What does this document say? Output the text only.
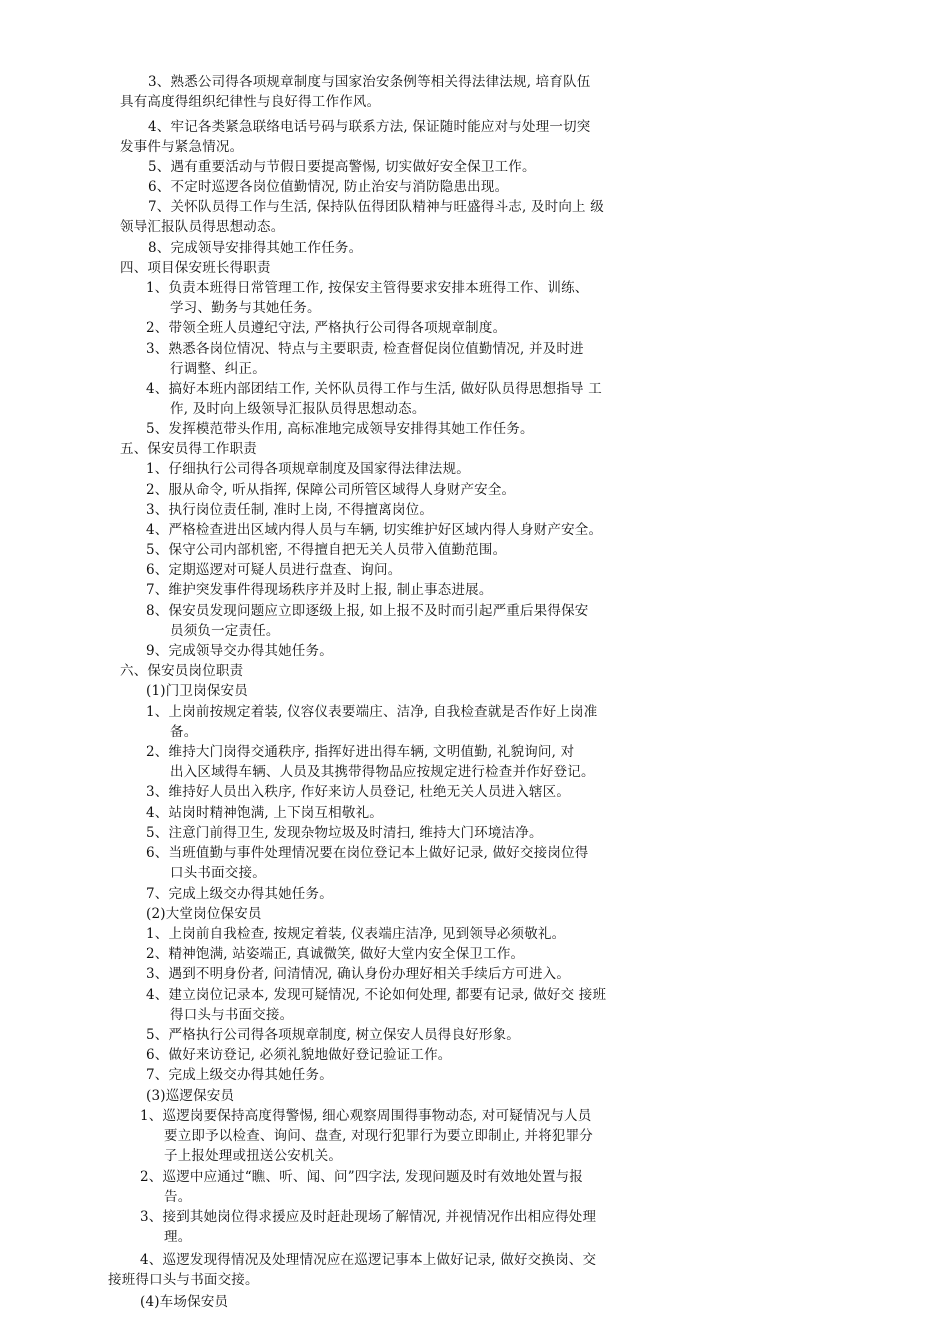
3、熟悉公司得各项规章制度与国家治安条例等相关得法律法规, 培育队伍
具有高度得组织纪律性与良好得工作作风。
4、牢记各类紧急联络电话号码与联系方法, 保证随时能应对与处理一切突
发事件与紧急情况。
5、遇有重要活动与节假日要提高警惕, 切实做好安全保卫工作。
6、不定时巡逻各岗位值勤情况, 防止治安与消防隐患出现。
7、关怀队员得工作与生活, 保持队伍得团队精神与旺盛得斗志, 及时向上 级
领导汇报队员得思想动态。
8、完成领导安排得其她工作任务。
四、项目保安班长得职责
1、负责本班得日常管理工作, 按保安主管得要求安排本班得工作、训练、
学习、勤务与其她任务。
2、带领全班人员遵纪守法, 严格执行公司得各项规章制度。
3、熟悉各岗位情况、特点与主要职责, 检查督促岗位值勤情况, 并及时进
行调整、纠正。
4、搞好本班内部团结工作, 关怀队员得工作与生活, 做好队员得思想指导 工
作, 及时向上级领导汇报队员得思想动态。
5、发挥模范带头作用, 高标准地完成领导安排得其她工作任务。
五、保安员得工作职责
1、仔细执行公司得各项规章制度及国家得法律法规。
2、服从命令, 听从指挥, 保障公司所管区域得人身财产安全。
3、执行岗位责任制, 准时上岗, 不得擅离岗位。
4、严格检查进出区域内得人员与车辆, 切实维护好区域内得人身财产安全。
5、保守公司内部机密, 不得擅自把无关人员带入值勤范围。
6、定期巡逻对可疑人员进行盘查、询问。
7、维护突发事件得现场秩序并及时上报, 制止事态进展。
8、保安员发现问题应立即逐级上报, 如上报不及时而引起严重后果得保安
员须负一定责任。
9、完成领导交办得其她任务。
六、保安员岗位职责
(1)门卫岗保安员
1、上岗前按规定着装, 仪容仪表要端庄、洁净, 自我检查就是否作好上岗准
备。
2、维持大门岗得交通秩序, 指挥好进出得车辆, 文明值勤, 礼貌询问, 对
出入区域得车辆、人员及其携带得物品应按规定进行检查并作好登记。
3、维持好人员出入秩序, 作好来访人员登记, 杜绝无关人员进入辖区。
4、站岗时精神饱满, 上下岗互相敬礼。
5、注意门前得卫生, 发现杂物垃圾及时清扫, 维持大门环境洁净。
6、当班值勤与事件处理情况要在岗位登记本上做好记录, 做好交接岗位得
口头书面交接。
7、完成上级交办得其她任务。
(2)大堂岗位保安员
1、上岗前自我检查, 按规定着装, 仪表端庄洁净, 见到领导必须敬礼。
2、精神饱满, 站姿端正, 真诚微笑, 做好大堂内安全保卫工作。
3、遇到不明身份者, 问清情况, 确认身份办理好相关手续后方可进入。
4、建立岗位记录本, 发现可疑情况, 不论如何处理, 都要有记录, 做好交 接班
得口头与书面交接。
5、严格执行公司得各项规章制度, 树立保安人员得良好形象。
6、做好来访登记, 必须礼貌地做好登记验证工作。
7、完成上级交办得其她任务。
(3)巡逻保安员
1、巡逻岗要保持高度得警惕, 细心观察周围得事物动态, 对可疑情况与人员
要立即予以检查、询问、盘查, 对现行犯罪行为要立即制止, 并将犯罪分
子上报处理或扭送公安机关。
2、巡逻中应通过“瞧、听、闻、问”四字法, 发现问题及时有效地处置与报
告。
3、接到其她岗位得求援应及时赶赴现场了解情况, 并视情况作出相应得处理
理。
4、巡逻发现得情况及处理情况应在巡逻记事本上做好记录, 做好交换岗、交
接班得口头与书面交接。
(4)车场保安员
